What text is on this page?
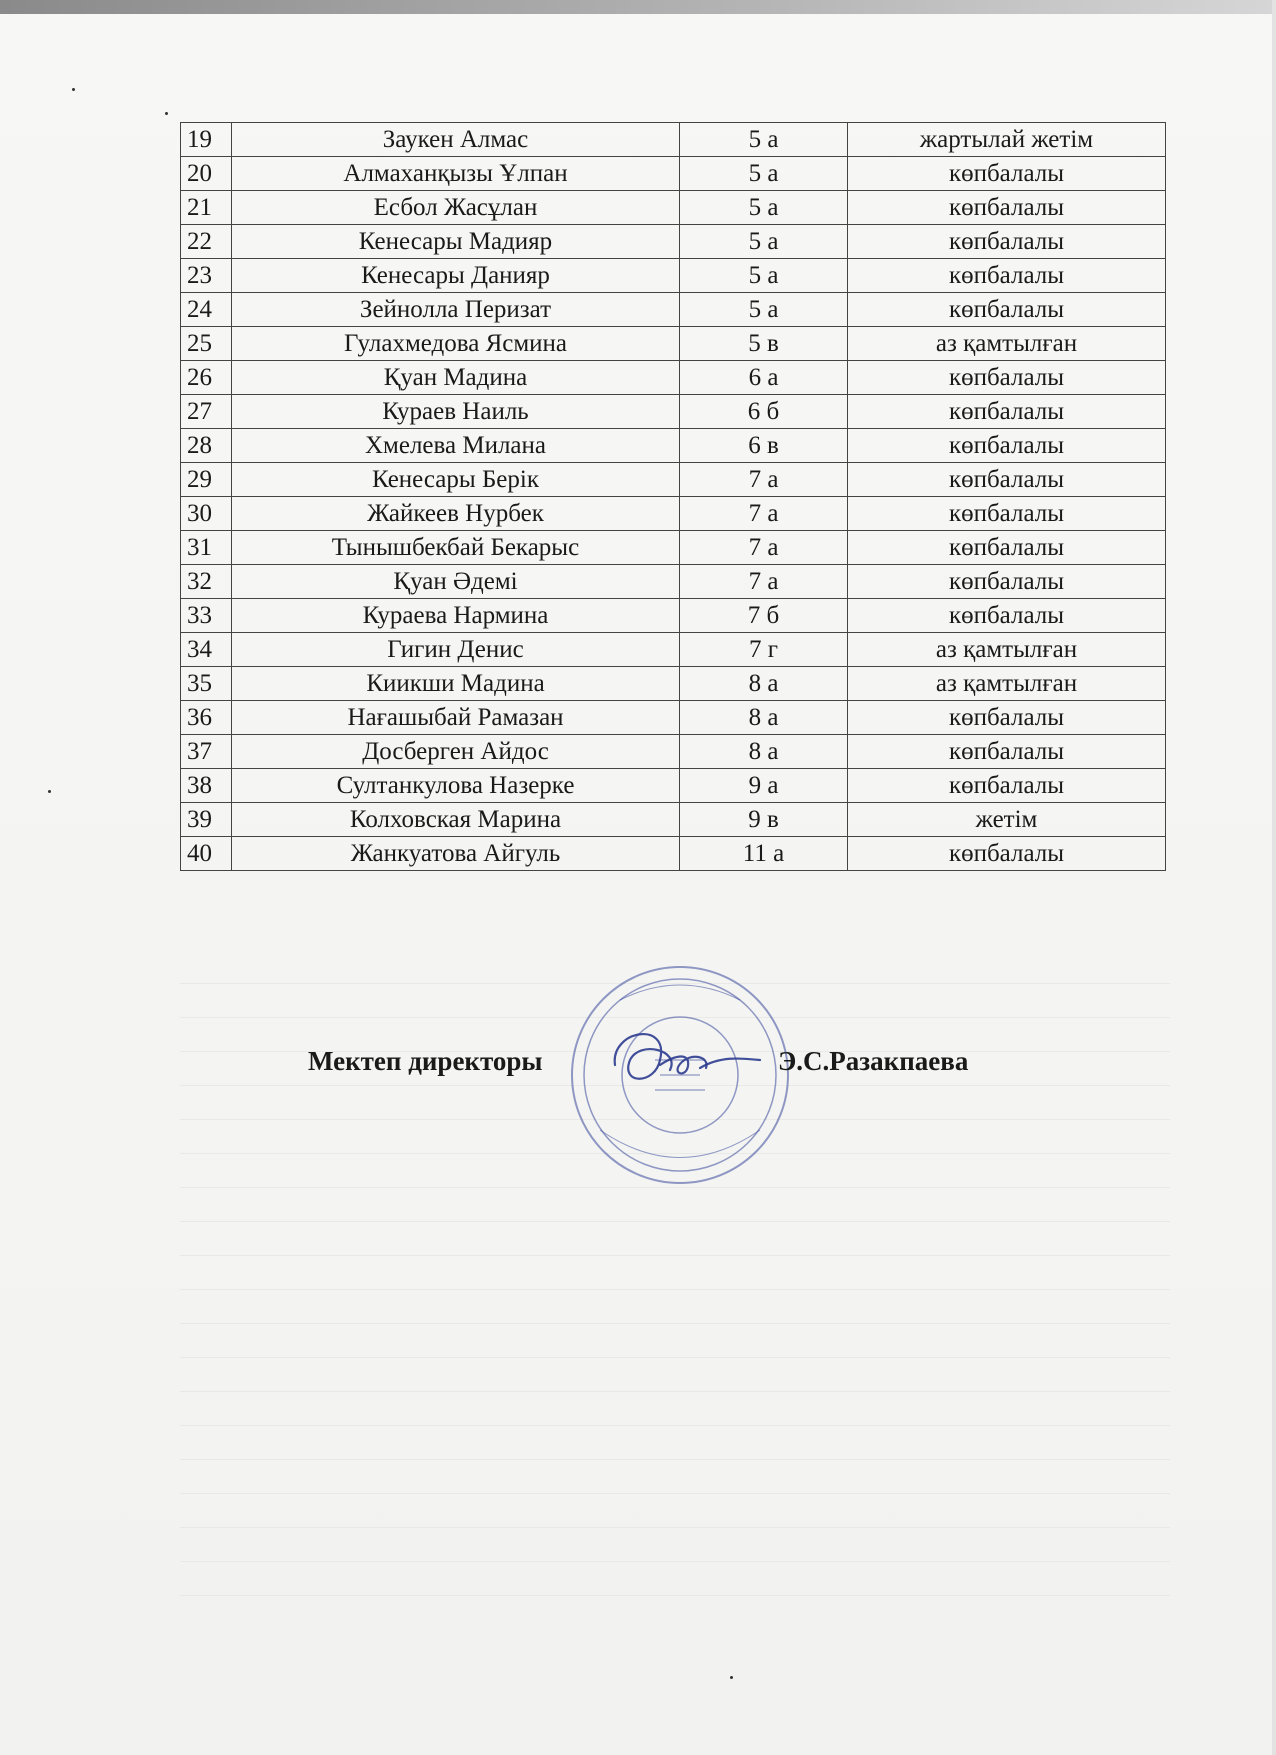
19	Заукен Алмас	5 а	жартылай жетім
20	Алмаханқызы Ұлпан	5 а	көпбалалы
21	Есбол Жасұлан	5 а	көпбалалы
22	Кенесары Мадияр	5 а	көпбалалы
23	Кенесары Данияр	5 а	көпбалалы
24	Зейнолла Перизат	5 а	көпбалалы
25	Гулахмедова Ясмина	5 в	аз қамтылған
26	Қуан Мадина	6 а	көпбалалы
27	Кураев Наиль	6 б	көпбалалы
28	Хмелева Милана	6 в	көпбалалы
29	Кенесары Берік	7 а	көпбалалы
30	Жайкеев Нурбек	7 а	көпбалалы
31	Тынышбекбай Бекарыс	7 а	көпбалалы
32	Қуан Әдемі	7 а	көпбалалы
33	Кураева Нармина	7 б	көпбалалы
34	Гигин Денис	7 г	аз қамтылған
35	Киикши Мадина	8 а	аз қамтылған
36	Нағашыбай Рамазан	8 а	көпбалалы
37	Досберген Айдос	8 а	көпбалалы
38	Султанкулова Назерке	9 а	көпбалалы
39	Колховская Марина	9 в	жетім
40	Жанкуатова Айгуль	11 а	көпбалалы
Мектеп директоры	Э.С.Разакпаева
